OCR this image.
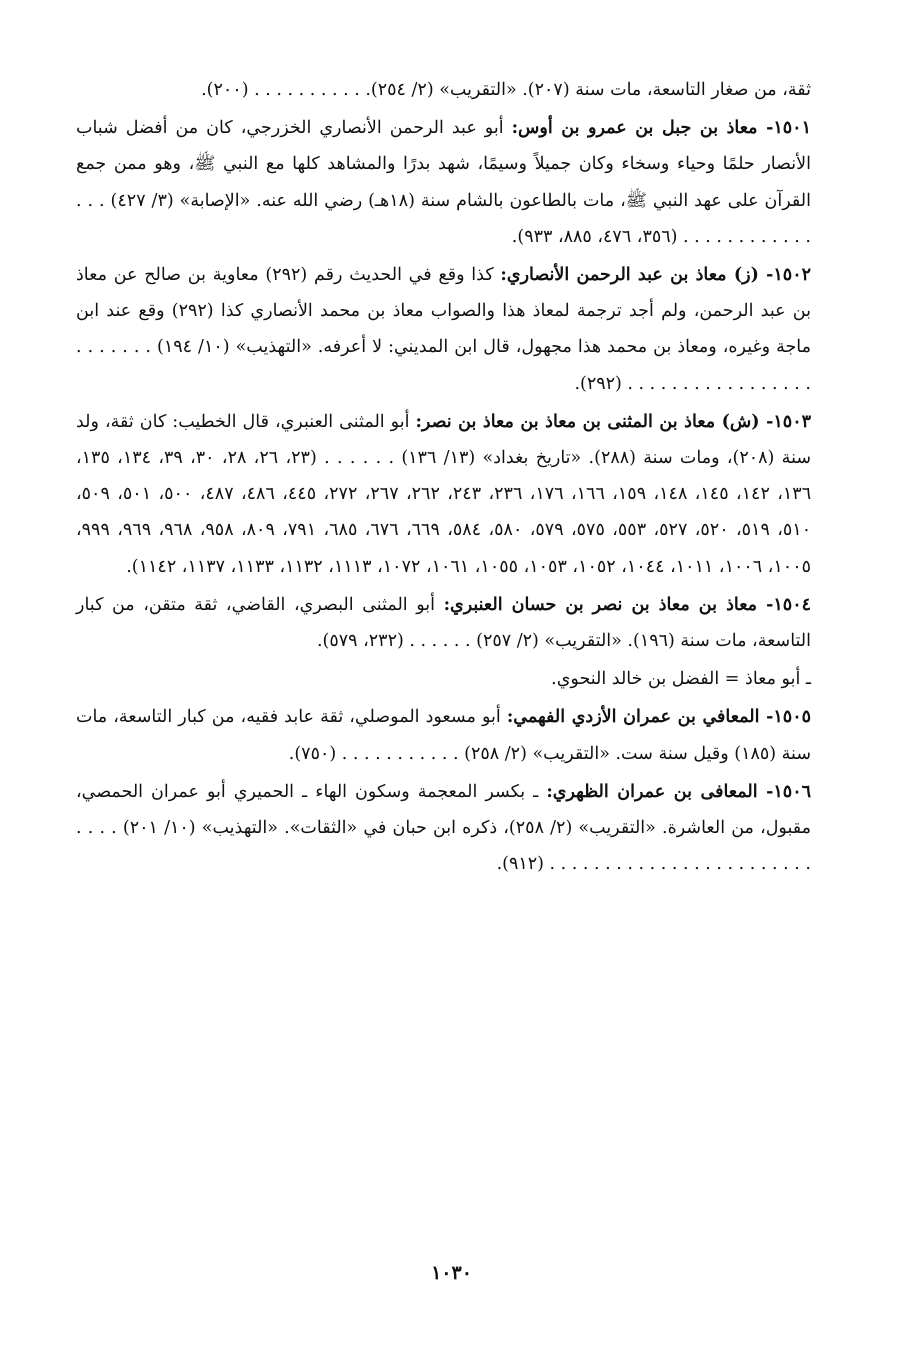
ثقة، من صغار التاسعة، مات سنة (٢٠٧). «التقريب» (٢/ ٢٥٤). . . . . . . . . . . (٢٠٠).

١٥٠١- معاذ بن جبل بن عمرو بن أوس: أبو عبد الرحمن الأنصاري الخزرجي، كان من أفضل شباب الأنصار حلمًا وحياء وسخاء وكان جميلاً وسيمًا، شهد بدرًا والمشاهد كلها مع النبي ﷺ، وهو ممن جمع القرآن على عهد النبي ﷺ، مات بالطاعون بالشام سنة (١٨هـ) رضي الله عنه. «الإصابة» (٣/ ٤٢٧) . . . . . . . . . . . . . . . (٣٥٦، ٤٧٦، ٨٨٥، ٩٣٣).

١٥٠٢- (ز) معاذ بن عبد الرحمن الأنصاري: كذا وقع في الحديث رقم (٢٩٢) معاوية بن صالح عن معاذ بن عبد الرحمن، ولم أجد ترجمة لمعاذ هذا والصواب معاذ بن محمد الأنصاري كذا (٢٩٢) وقع عند ابن ماجة وغيره، ومعاذ بن محمد هذا مجهول، قال ابن المديني: لا أعرفه. «التهذيب» (١٠/ ١٩٤) . . . . . . . . . . . . . . . . . . . . . . . . (٢٩٢).

١٥٠٣- (ش) معاذ بن المثنى بن معاذ بن معاذ بن نصر: أبو المثنى العنبري، قال الخطيب: كان ثقة، ولد سنة (٢٠٨)، ومات سنة (٢٨٨). «تاريخ بغداد» (١٣/ ١٣٦) . . . . . . (٢٣، ٢٦، ٢٨، ٣٠، ٣٩، ١٣٤، ١٣٥، ١٣٦، ١٤٢، ١٤٥، ١٤٨، ١٥٩، ١٦٦، ١٧٦، ٢٣٦، ٢٤٣، ٢٦٢، ٢٦٧، ٢٧٢، ٤٤٥، ٤٨٦، ٤٨٧، ٥٠٠، ٥٠١، ٥٠٩، ٥١٠، ٥١٩، ٥٢٠، ٥٢٧، ٥٥٣، ٥٧٥، ٥٧٩، ٥٨٠، ٥٨٤، ٦٦٩، ٦٧٦، ٦٨٥، ٧٩١، ٨٠٩، ٩٥٨، ٩٦٨، ٩٦٩، ٩٩٩، ١٠٠٥، ١٠٠٦، ١٠١١، ١٠٤٤، ١٠٥٢، ١٠٥٣، ١٠٥٥، ١٠٦١، ١٠٧٢، ١١١٣، ١١٣٢، ١١٣٣، ١١٣٧، ١١٤٢).

١٥٠٤- معاذ بن معاذ بن نصر بن حسان العنبري: أبو المثنى البصري، القاضي، ثقة متقن، من كبار التاسعة، مات سنة (١٩٦). «التقريب» (٢/ ٢٥٧) . . . . . . (٢٣٢، ٥٧٩).

ـ أبو معاذ = الفضل بن خالد النحوي.

١٥٠٥- المعافي بن عمران الأزدي الفهمي: أبو مسعود الموصلي، ثقة عابد فقيه، من كبار التاسعة، مات سنة (١٨٥) وقيل سنة ست. «التقريب» (٢/ ٢٥٨) . . . . . . . . . . . (٧٥٠).

١٥٠٦- المعافى بن عمران الظهري: ـ بكسر المعجمة وسكون الهاء ـ الحميري أبو عمران الحمصي، مقبول، من العاشرة. «التقريب» (٢/ ٢٥٨)، ذكره ابن حبان في «الثقات». «التهذيب» (١٠/ ٢٠١) . . . . . . . . . . . . . . . . . . . . . . . . . . . . (٩١٢).

١٠٣٠
